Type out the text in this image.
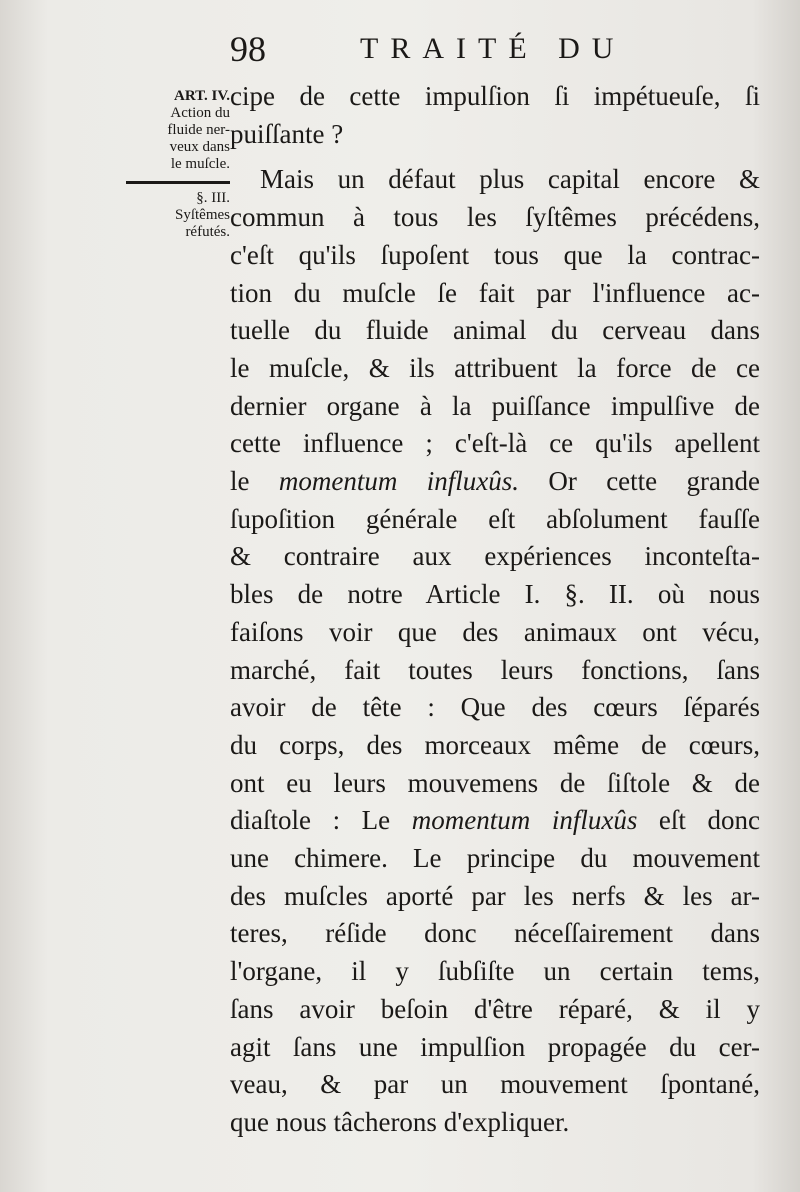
98	TRAITÉ DU
ART. IV.
Action du
fluide ner-
veux dans
le muſcle.
§. III.
Syſtêmes
réfutés.
cipe de cette impulſion ſi impétueuſe, ſi
puiſſante ?
Mais un défaut plus capital encore &
commun à tous les ſyſtêmes précédens,
c'eſt qu'ils ſupoſent tous que la contrac-
tion du muſcle ſe fait par l'influence ac-
tuelle du fluide animal du cerveau dans
le muſcle, & ils attribuent la force de ce
dernier organe à la puiſſance impulſive de
cette influence ; c'eſt-là ce qu'ils apellent
le momentum influxûs. Or cette grande
ſupoſition générale eſt abſolument fauſſe
& contraire aux expériences inconteſta-
bles de notre Article I. §. II. où nous
faiſons voir que des animaux ont vécu,
marché, fait toutes leurs fonctions, ſans
avoir de tête : Que des cœurs ſéparés
du corps, des morceaux même de cœurs,
ont eu leurs mouvemens de ſiſtole & de
diaſtole : Le momentum influxûs eſt donc
une chimere. Le principe du mouvement
des muſcles aporté par les nerfs & les ar-
teres, réſide donc néceſſairement dans
l'organe, il y ſubſiſte un certain tems,
ſans avoir beſoin d'être réparé, & il y
agit ſans une impulſion propagée du cer-
veau, & par un mouvement ſpontané,
que nous tâcherons d'expliquer.
